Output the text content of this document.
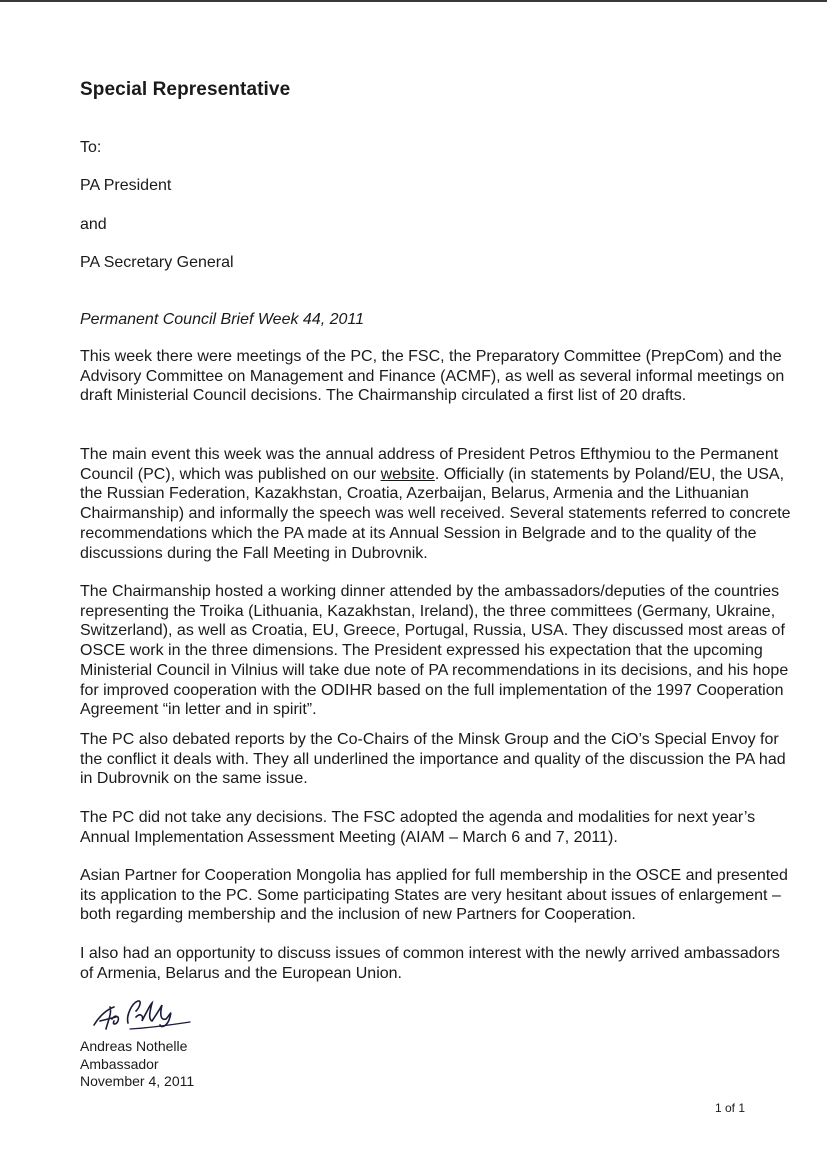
Special Representative

To:

PA President

and

PA Secretary General

Permanent Council Brief Week 44, 2011

This week there were meetings of the PC, the FSC, the Preparatory Committee (PrepCom) and the Advisory Committee on Management and Finance (ACMF), as well as several informal meetings on draft Ministerial Council decisions. The Chairmanship circulated a first list of 20 drafts.

The main event this week was the annual address of President Petros Efthymiou to the Permanent Council (PC), which was published on our website. Officially (in statements by Poland/EU, the USA, the Russian Federation, Kazakhstan, Croatia, Azerbaijan, Belarus, Armenia and the Lithuanian Chairmanship) and informally the speech was well received. Several statements referred to concrete recommendations which the PA made at its Annual Session in Belgrade and to the quality of the discussions during the Fall Meeting in Dubrovnik.

The Chairmanship hosted a working dinner attended by the ambassadors/deputies of the countries representing the Troika (Lithuania, Kazakhstan, Ireland), the three committees (Germany, Ukraine, Switzerland), as well as Croatia, EU, Greece, Portugal, Russia, USA. They discussed most areas of OSCE work in the three dimensions. The President expressed his expectation that the upcoming Ministerial Council in Vilnius will take due note of PA recommendations in its decisions, and his hope for improved cooperation with the ODIHR based on the full implementation of the 1997 Cooperation Agreement “in letter and in spirit”.

The PC also debated reports by the Co-Chairs of the Minsk Group and the CiO’s Special Envoy for the conflict it deals with. They all underlined the importance and quality of the discussion the PA had in Dubrovnik on the same issue.

The PC did not take any decisions. The FSC adopted the agenda and modalities for next year’s Annual Implementation Assessment Meeting (AIAM – March 6 and 7, 2011).

Asian Partner for Cooperation Mongolia has applied for full membership in the OSCE and presented its application to the PC. Some participating States are very hesitant about issues of enlargement – both regarding membership and the inclusion of new Partners for Cooperation.

I also had an opportunity to discuss issues of common interest with the newly arrived ambassadors of Armenia, Belarus and the European Union.

Andreas Nothelle
Ambassador
November 4, 2011

1 of 1
